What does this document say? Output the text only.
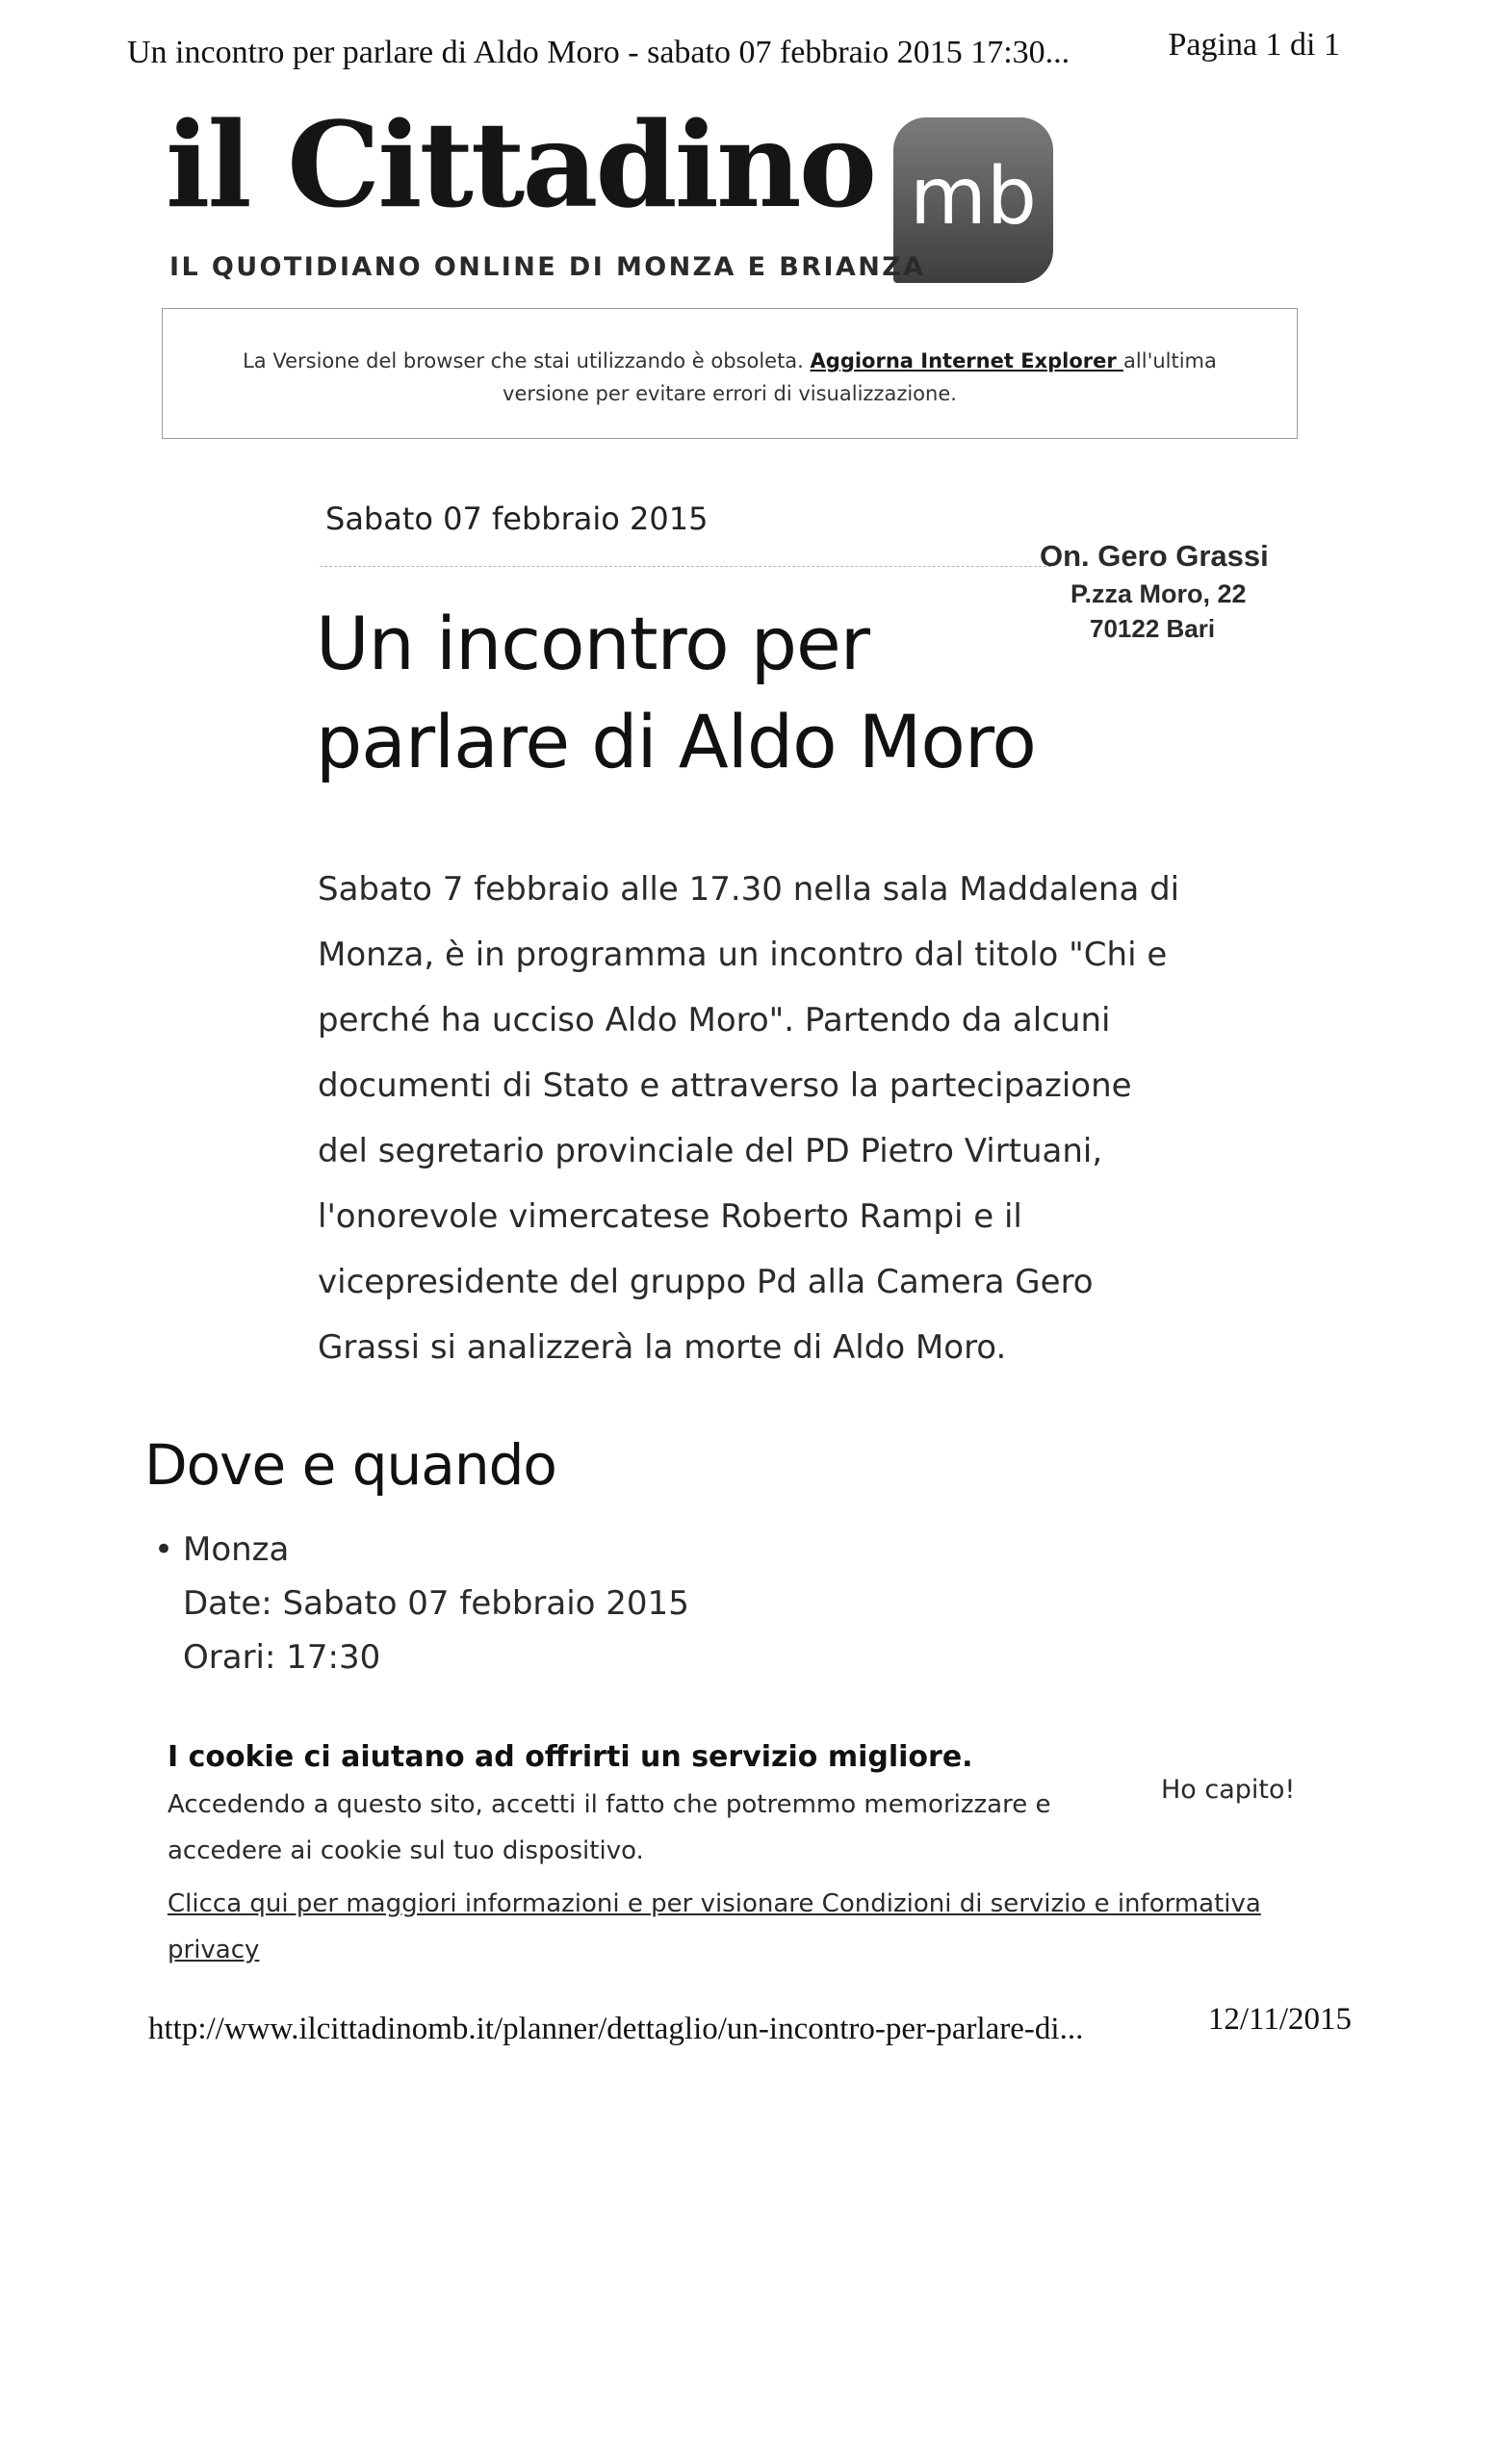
Un incontro per parlare di Aldo Moro - sabato 07 febbraio 2015 17:30...	Pagina 1 di 1
il Cittadino mb
IL QUOTIDIANO ONLINE DI MONZA E BRIANZA
La Versione del browser che stai utilizzando è obsoleta. Aggiorna Internet Explorer all'ultima
versione per evitare errori di visualizzazione.
Sabato 07 febbraio 2015
On. Gero Grassi
P.zza Moro, 22
70122 Bari
Un incontro per
parlare di Aldo Moro
Sabato 7 febbraio alle 17.30 nella sala Maddalena di
Monza, è in programma un incontro dal titolo "Chi e
perché ha ucciso Aldo Moro". Partendo da alcuni
documenti di Stato e attraverso la partecipazione
del segretario provinciale del PD Pietro Virtuani,
l'onorevole vimercatese Roberto Rampi e il
vicepresidente del gruppo Pd alla Camera Gero
Grassi si analizzerà la morte di Aldo Moro.
Dove e quando
• Monza
Date: Sabato 07 febbraio 2015
Orari: 17:30
I cookie ci aiutano ad offrirti un servizio migliore.
Accedendo a questo sito, accetti il fatto che potremmo memorizzare e
accedere ai cookie sul tuo dispositivo.
Clicca qui per maggiori informazioni e per visionare Condizioni di servizio e informativa privacy
Ho capito!
http://www.ilcittadinomb.it/planner/dettaglio/un-incontro-per-parlare-di...	12/11/2015
